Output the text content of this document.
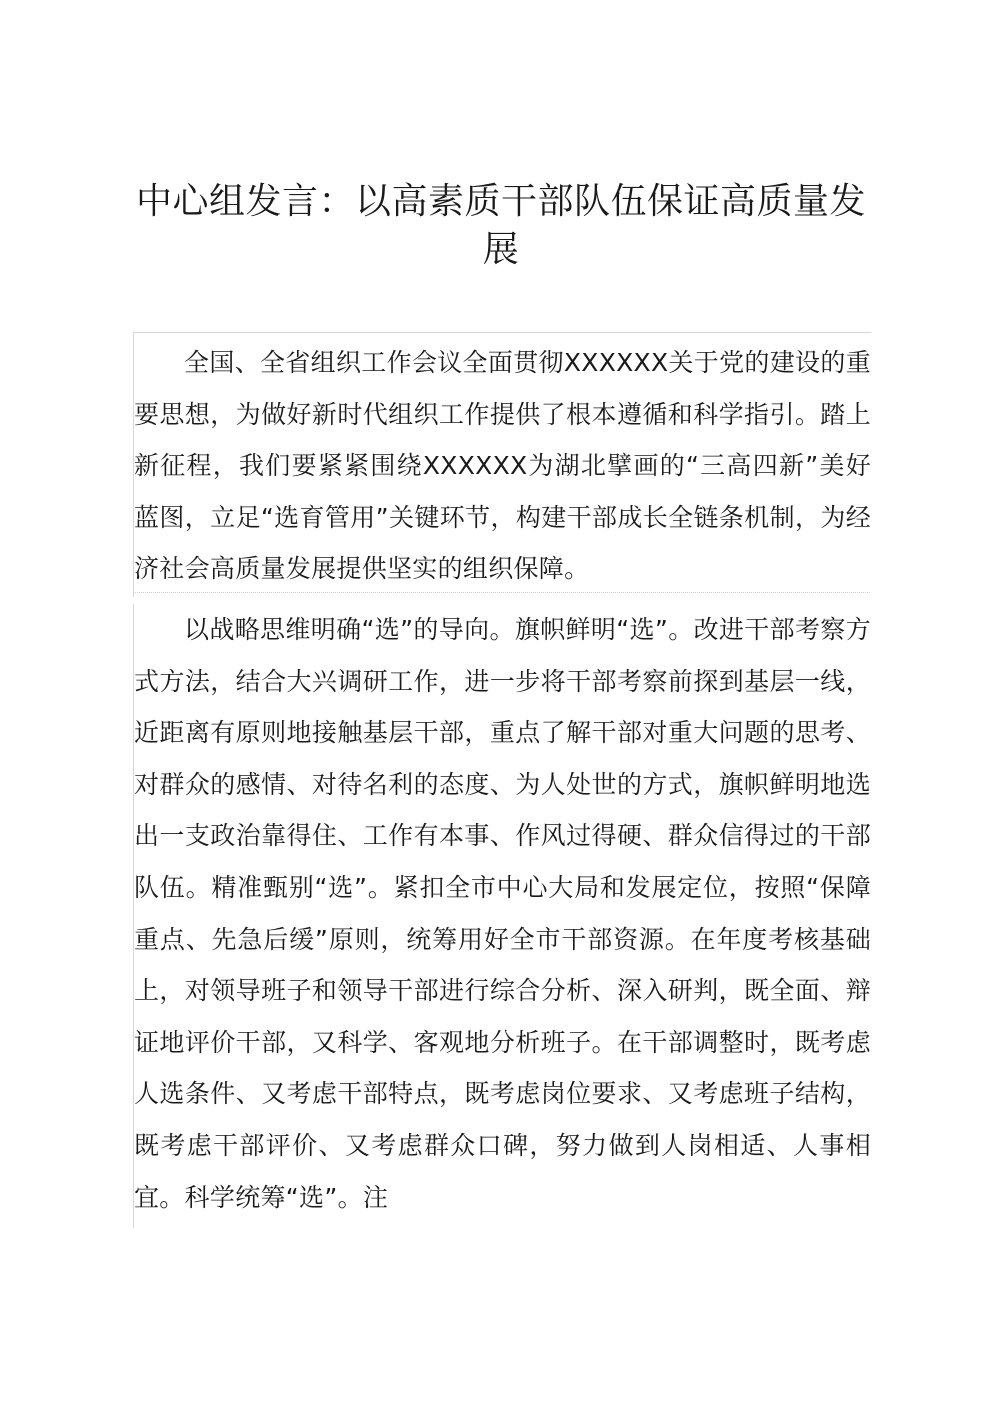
中心组发言：以高素质干部队伍保证高质量发展

全国、全省组织工作会议全面贯彻XXXXXX关于党的建设的重要思想，为做好新时代组织工作提供了根本遵循和科学指引。踏上新征程，我们要紧紧围绕XXXXXX为湖北擘画的“三高四新”美好蓝图，立足“选育管用”关键环节，构建干部成长全链条机制，为经济社会高质量发展提供坚实的组织保障。

以战略思维明确“选”的导向。旗帜鲜明“选”。改进干部考察方式方法，结合大兴调研工作，进一步将干部考察前探到基层一线，近距离有原则地接触基层干部，重点了解干部对重大问题的思考、对群众的感情、对待名利的态度、为人处世的方式，旗帜鲜明地选出一支政治靠得住、工作有本事、作风过得硬、群众信得过的干部队伍。精准甄别“选”。紧扣全市中心大局和发展定位，按照“保障重点、先急后缓”原则，统筹用好全市干部资源。在年度考核基础上，对领导班子和领导干部进行综合分析、深入研判，既全面、辩证地评价干部，又科学、客观地分析班子。在干部调整时，既考虑人选条件、又考虑干部特点，既考虑岗位要求、又考虑班子结构，既考虑干部评价、又考虑群众口碑，努力做到人岗相适、人事相宜。科学统筹“选”。注
